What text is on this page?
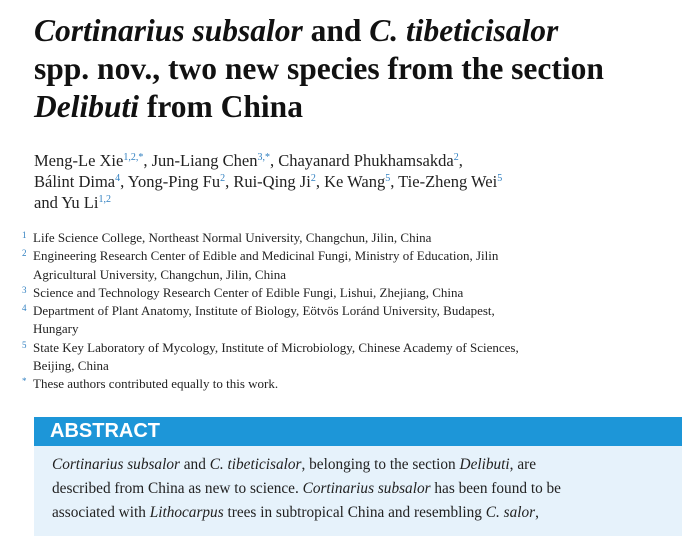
Cortinarius subsalor and C. tibeticisalor
spp. nov., two new species from the section
Delibuti from China
Meng-Le Xie$^{1,2,*}$, Jun-Liang Chen$^{3,*}$, Chayanard Phukhamsakda$^2$,
Bálint Dima$^4$, Yong-Ping Fu$^2$, Rui-Qing Ji$^2$, Ke Wang$^5$, Tie-Zheng Wei$^5$
and Yu Li$^{1,2}$
1 Life Science College, Northeast Normal University, Changchun, Jilin, China
2 Engineering Research Center of Edible and Medicinal Fungi, Ministry of Education, Jilin
Agricultural University, Changchun, Jilin, China
3 Science and Technology Research Center of Edible Fungi, Lishui, Zhejiang, China
4 Department of Plant Anatomy, Institute of Biology, Eötvös Loránd University, Budapest,
Hungary
5 State Key Laboratory of Mycology, Institute of Microbiology, Chinese Academy of Sciences,
Beijing, China
* These authors contributed equally to this work.
ABSTRACT
Cortinarius subsalor and C. tibeticisalor, belonging to the section Delibuti, are
described from China as new to science. Cortinarius subsalor has been found to be
associated with Lithocarpus trees in subtropical China and resembling C. salor,
